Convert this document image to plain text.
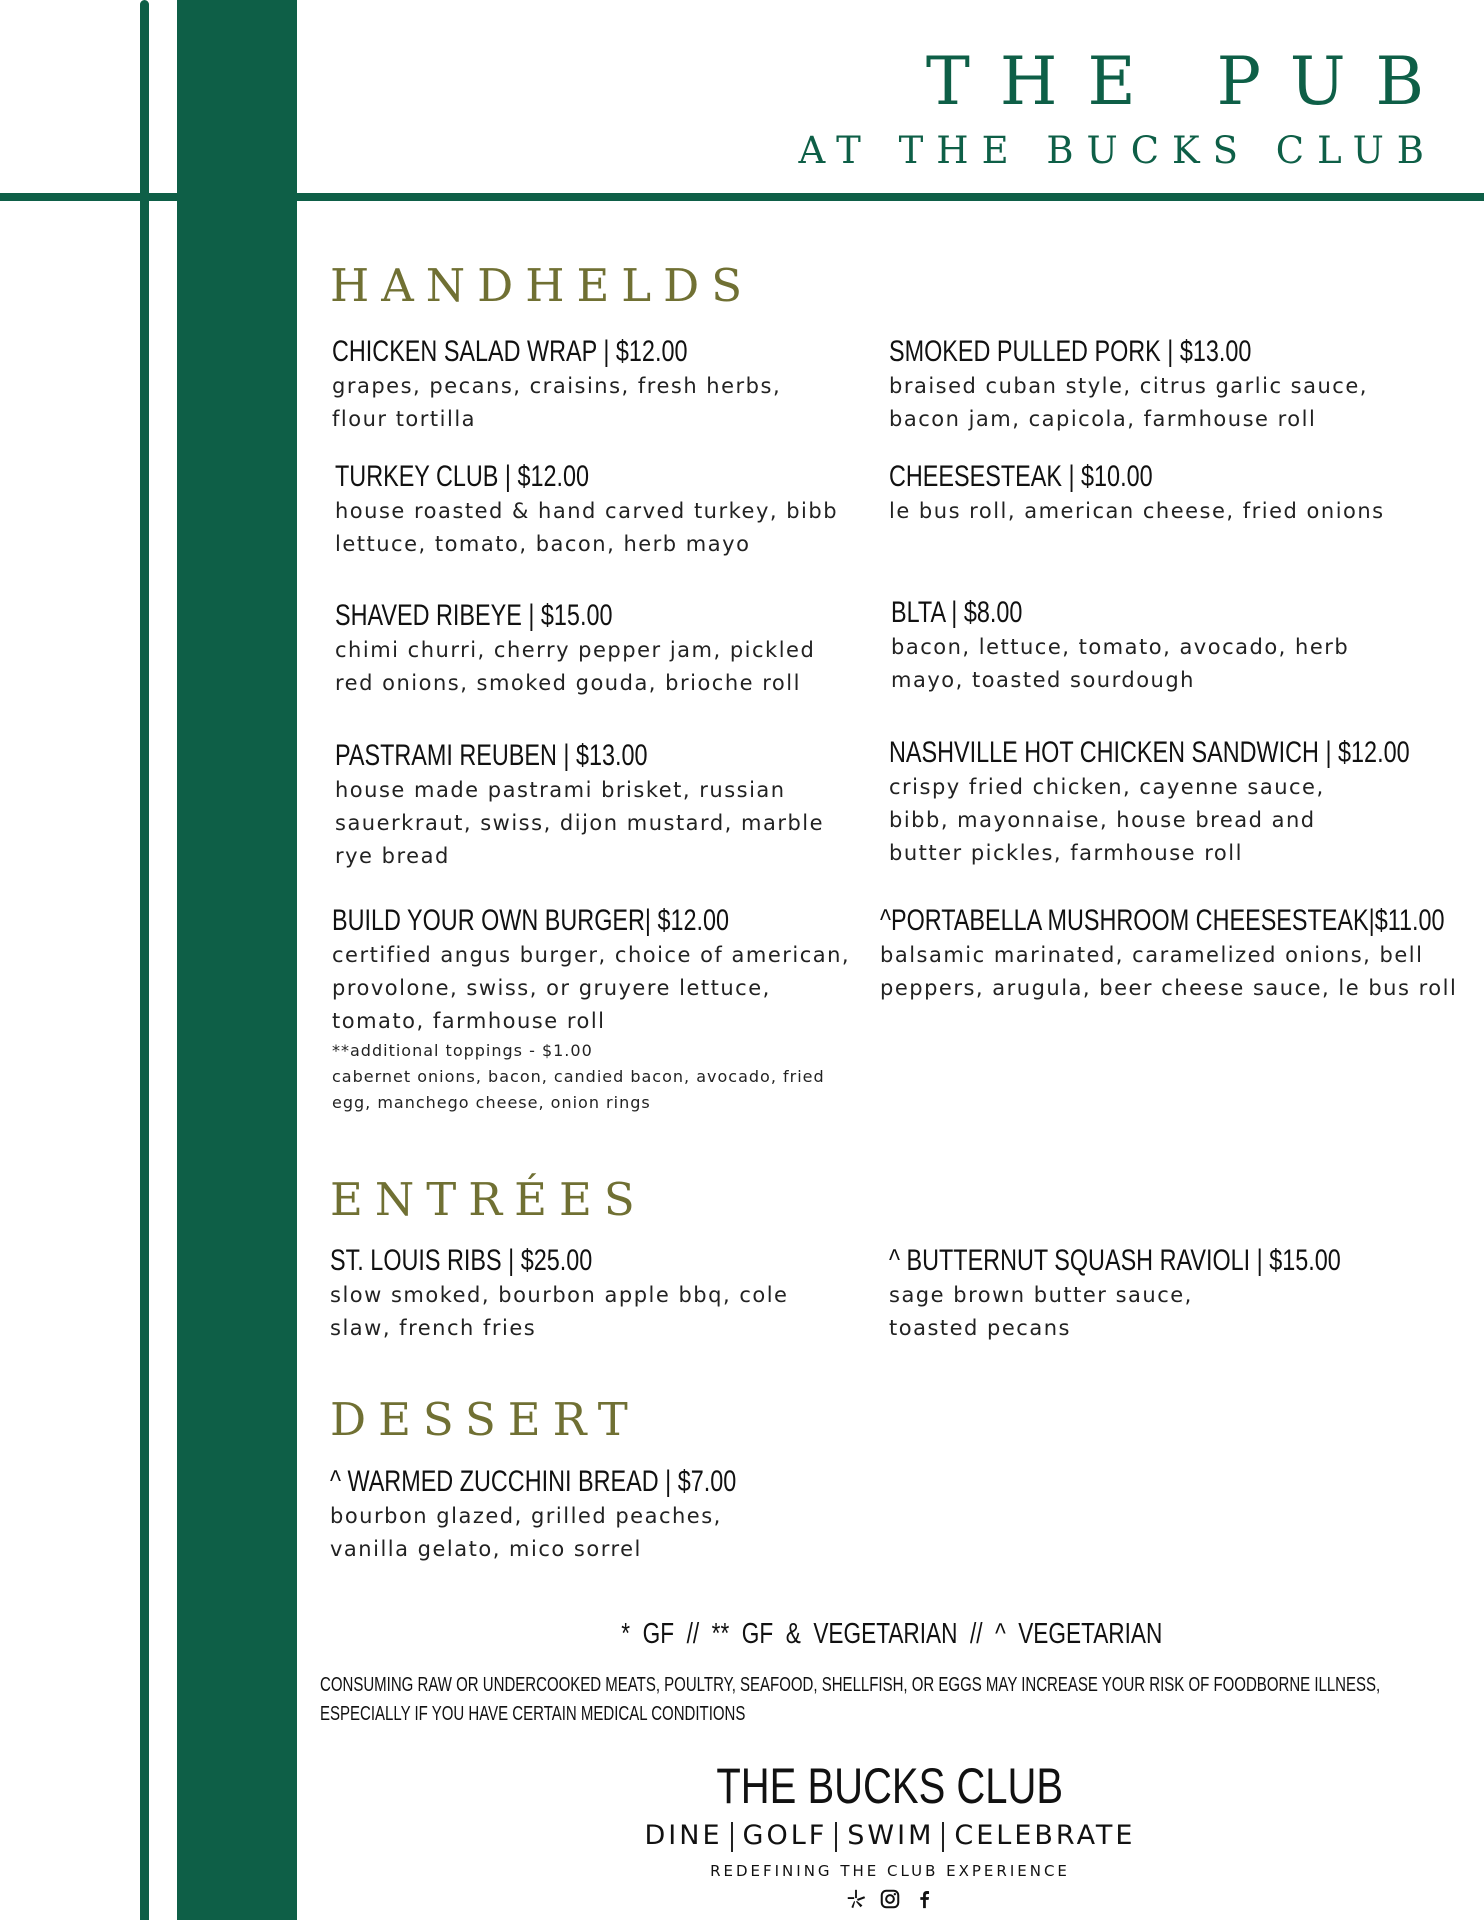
THE PUB
AT THE BUCKS CLUB
HANDHELDS
CHICKEN SALAD WRAP | $12.00
grapes, pecans, craisins, fresh herbs, flour tortilla
SMOKED PULLED PORK | $13.00
braised cuban style, citrus garlic sauce, bacon jam, capicola, farmhouse roll
TURKEY CLUB | $12.00
house roasted & hand carved turkey, bibb lettuce, tomato, bacon, herb mayo
CHEESESTEAK | $10.00
le bus roll, american cheese, fried onions
SHAVED RIBEYE | $15.00
chimi churri, cherry pepper jam, pickled red onions, smoked gouda, brioche roll
BLTA | $8.00
bacon, lettuce, tomato, avocado, herb mayo, toasted sourdough
PASTRAMI REUBEN | $13.00
house made pastrami brisket, russian sauerkraut, swiss, dijon mustard, marble rye bread
NASHVILLE HOT CHICKEN SANDWICH | $12.00
crispy fried chicken, cayenne sauce, bibb, mayonnaise, house bread and butter pickles, farmhouse roll
BUILD YOUR OWN BURGER| $12.00
certified angus burger, choice of american, provolone, swiss, or gruyere lettuce, tomato, farmhouse roll
**additional toppings - $1.00
cabernet onions, bacon, candied bacon, avocado, fried egg, manchego cheese, onion rings
^PORTABELLA MUSHROOM CHEESESTEAK|$11.00
balsamic marinated, caramelized onions, bell peppers, arugula, beer cheese sauce, le bus roll
ENTRÉES
ST. LOUIS RIBS | $25.00
slow smoked, bourbon apple bbq, cole slaw, french fries
^ BUTTERNUT SQUASH RAVIOLI | $15.00
sage brown butter sauce, toasted pecans
DESSERT
^ WARMED ZUCCHINI BREAD | $7.00
bourbon glazed, grilled peaches, vanilla gelato, mico sorrel
* GF // ** GF & VEGETARIAN // ^ VEGETARIAN
CONSUMING RAW OR UNDERCOOKED MEATS, POULTRY, SEAFOOD, SHELLFISH, OR EGGS MAY INCREASE YOUR RISK OF FOODBORNE ILLNESS, ESPECIALLY IF YOU HAVE CERTAIN MEDICAL CONDITIONS
THE BUCKS CLUB
DINE GOLF SWIM CELEBRATE
REDEFINING THE CLUB EXPERIENCE
